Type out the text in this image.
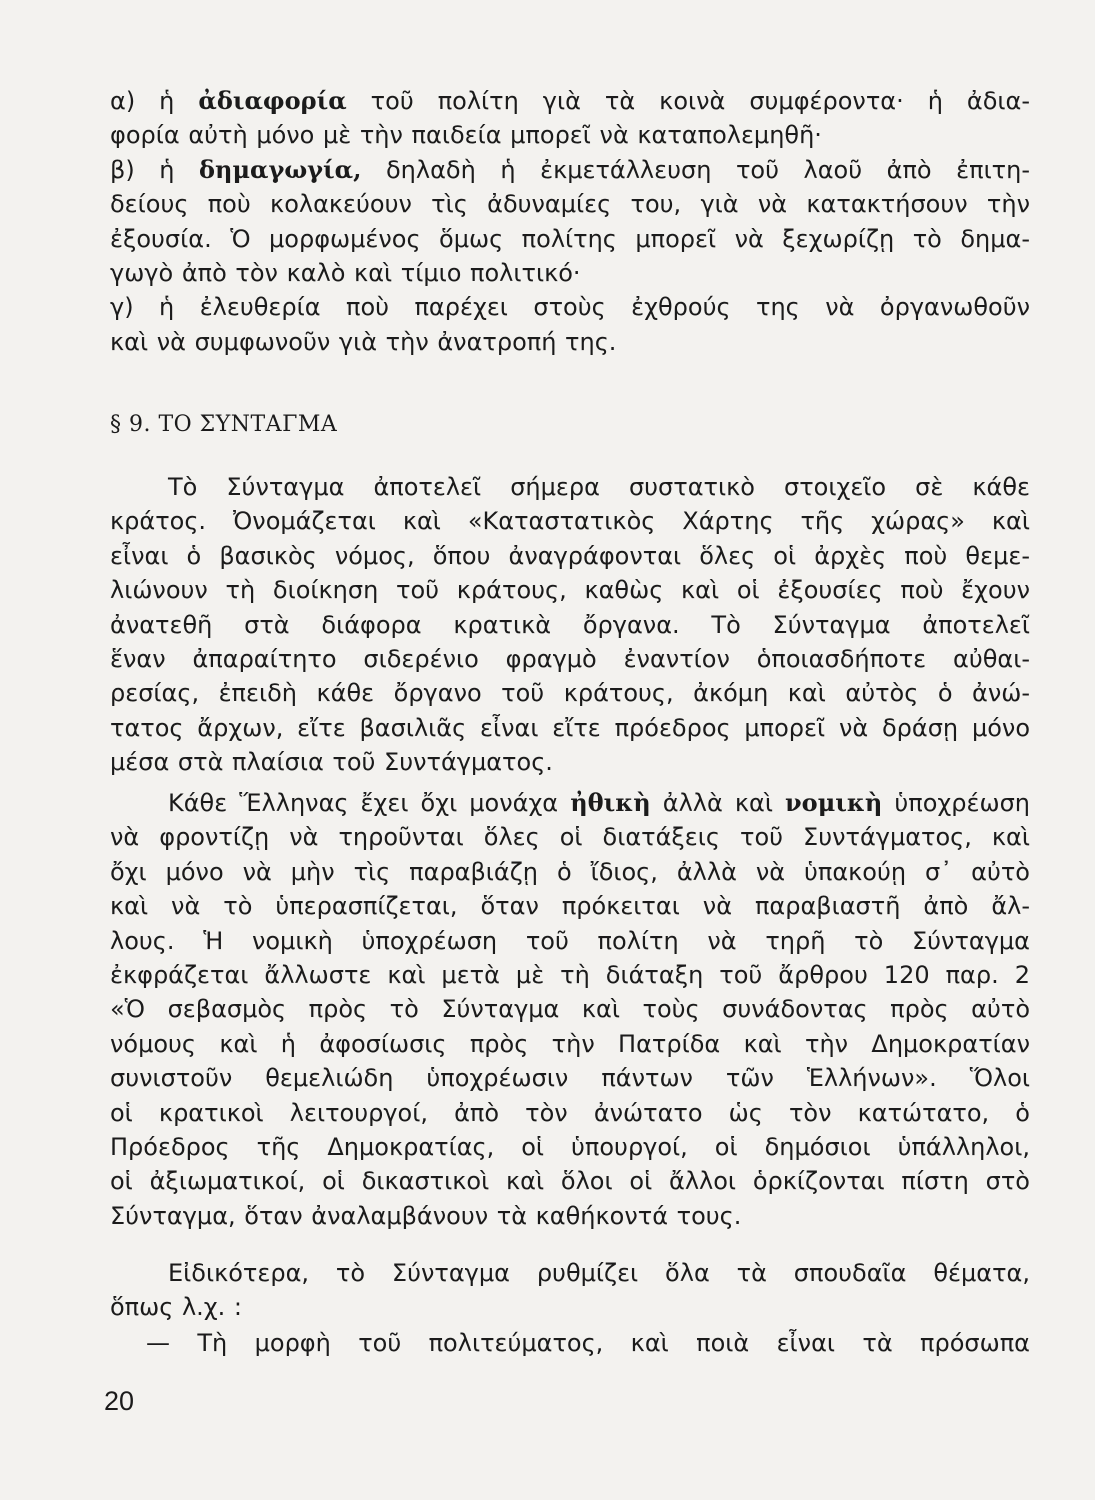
α) ἡ ἀδιαφορία τοῦ πολίτη γιὰ τὰ κοινὰ συμφέροντα· ἡ ἀδια-
φορία αὐτὴ μόνο μὲ τὴν παιδεία μπορεῖ νὰ καταπολεμηθῆ·
β) ἡ δημαγωγία, δηλαδὴ ἡ ἐκμετάλλευση τοῦ λαοῦ ἀπὸ ἐπιτη-
δείους ποὺ κολακεύουν τὶς ἀδυναμίες του, γιὰ νὰ κατακτήσουν τὴν
ἐξουσία. Ὁ μορφωμένος ὅμως πολίτης μπορεῖ νὰ ξεχωρίζῃ τὸ δημα-
γωγὸ ἀπὸ τὸν καλὸ καὶ τίμιο πολιτικό·
γ) ἡ ἐλευθερία ποὺ παρέχει στοὺς ἐχθρούς της νὰ ὀργανωθοῦν
καὶ νὰ συμφωνοῦν γιὰ τὴν ἀνατροπή της.
§ 9. ΤΟ ΣΥΝΤΑΓΜΑ
Τὸ Σύνταγμα ἀποτελεῖ σήμερα συστατικὸ στοιχεῖο σὲ κάθε
κράτος. Ὀνομάζεται καὶ «Καταστατικὸς Χάρτης τῆς χώρας» καὶ
εἶναι ὁ βασικὸς νόμος, ὅπου ἀναγράφονται ὅλες οἱ ἀρχὲς ποὺ θεμε-
λιώνουν τὴ διοίκηση τοῦ κράτους, καθὼς καὶ οἱ ἐξουσίες ποὺ ἔχουν
ἀνατεθῆ στὰ διάφορα κρατικὰ ὄργανα. Τὸ Σύνταγμα ἀποτελεῖ
ἕναν ἀπαραίτητο σιδερένιο φραγμὸ ἐναντίον ὁποιασδήποτε αὐθαι-
ρεσίας, ἐπειδὴ κάθε ὄργανο τοῦ κράτους, ἀκόμη καὶ αὐτὸς ὁ ἀνώ-
τατος ἄρχων, εἴτε βασιλιᾶς εἶναι εἴτε πρόεδρος μπορεῖ νὰ δράσῃ μόνο
μέσα στὰ πλαίσια τοῦ Συντάγματος.
Κάθε Ἕλληνας ἔχει ὄχι μονάχα ἠθικὴ ἀλλὰ καὶ νομικὴ ὑποχρέωση
νὰ φροντίζῃ νὰ τηροῦνται ὅλες οἱ διατάξεις τοῦ Συντάγματος, καὶ
ὄχι μόνο νὰ μὴν τὶς παραβιάζῃ ὁ ἴδιος, ἀλλὰ νὰ ὑπακούῃ σ᾿ αὐτὸ
καὶ νὰ τὸ ὑπερασπίζεται, ὅταν πρόκειται νὰ παραβιαστῆ ἀπὸ ἄλ-
λους. Ἡ νομικὴ ὑποχρέωση τοῦ πολίτη νὰ τηρῆ τὸ Σύνταγμα
ἐκφράζεται ἄλλωστε καὶ μετὰ μὲ τὴ διάταξη τοῦ ἄρθρου 120 παρ. 2
«Ὁ σεβασμὸς πρὸς τὸ Σύνταγμα καὶ τοὺς συνάδοντας πρὸς αὐτὸ
νόμους καὶ ἡ ἀφοσίωσις πρὸς τὴν Πατρίδα καὶ τὴν Δημοκρατίαν
συνιστοῦν θεμελιώδη ὑποχρέωσιν πάντων τῶν Ἑλλήνων». Ὅλοι
οἱ κρατικοὶ λειτουργοί, ἀπὸ τὸν ἀνώτατο ὡς τὸν κατώτατο, ὁ
Πρόεδρος τῆς Δημοκρατίας, οἱ ὑπουργοί, οἱ δημόσιοι ὑπάλληλοι,
οἱ ἀξιωματικοί, οἱ δικαστικοὶ καὶ ὅλοι οἱ ἄλλοι ὁρκίζονται πίστη στὸ
Σύνταγμα, ὅταν ἀναλαμβάνουν τὰ καθήκοντά τους.
Εἰδικότερα, τὸ Σύνταγμα ρυθμίζει ὅλα τὰ σπουδαῖα θέματα,
ὅπως λ.χ. :
— Τὴ μορφὴ τοῦ πολιτεύματος, καὶ ποιὰ εἶναι τὰ πρόσωπα
20
